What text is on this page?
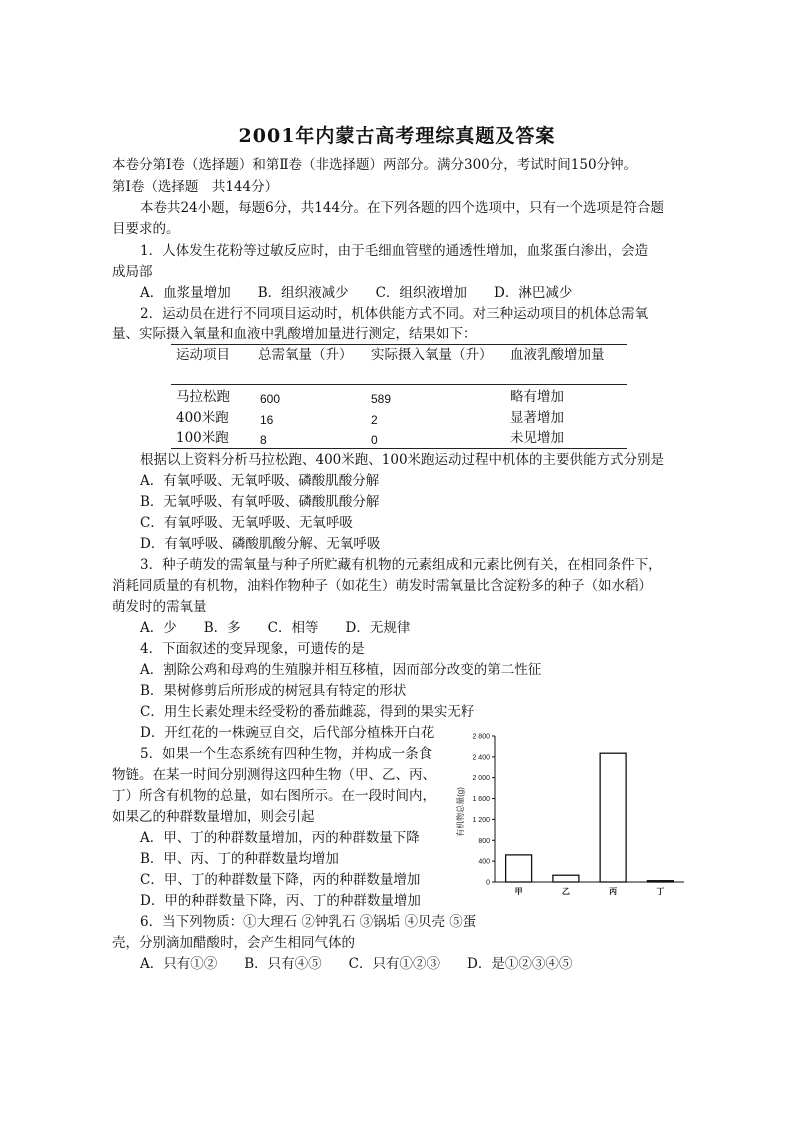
2001年内蒙古高考理综真题及答案
本卷分第Ⅰ卷（选择题）和第Ⅱ卷（非选择题）两部分。满分300分，考试时间150分钟。
第Ⅰ卷（选择题　共144分）
本卷共24小题，每题6分，共144分。在下列各题的四个选项中，只有一个选项是符合题
目要求的。
1．人体发生花粉等过敏反应时，由于毛细血管壁的通透性增加，血浆蛋白渗出，会造
成局部
A．血浆量增加　　B．组织液减少　　C．组织液增加　　D．淋巴减少
2．运动员在进行不同项目运动时，机体供能方式不同。对三种运动项目的机体总需氧
量、实际摄入氧量和血液中乳酸增加量进行测定，结果如下：
运动项目 总需氧量（升） 实际摄入氧量（升） 血液乳酸增加量
马拉松跑	600	589	略有增加
400米跑	16	2	显著增加
100米跑	8	0	未见增加
根据以上资料分析马拉松跑、400米跑、100米跑运动过程中机体的主要供能方式分别是
A．有氧呼吸、无氧呼吸、磷酸肌酸分解
B．无氧呼吸、有氧呼吸、磷酸肌酸分解
C．有氧呼吸、无氧呼吸、无氧呼吸
D．有氧呼吸、磷酸肌酸分解、无氧呼吸
3．种子萌发的需氧量与种子所贮藏有机物的元素组成和元素比例有关，在相同条件下，
消耗同质量的有机物，油料作物种子（如花生）萌发时需氧量比含淀粉多的种子（如水稻）
萌发时的需氧量
A．少　　B．多　　C．相等　　D．无规律
4．下面叙述的变异现象，可遗传的是
A．割除公鸡和母鸡的生殖腺并相互移植，因而部分改变的第二性征
B．果树修剪后所形成的树冠具有特定的形状
C．用生长素处理未经受粉的番茄雌蕊，得到的果实无籽
D．开红花的一株豌豆自交，后代部分植株开白花
5．如果一个生态系统有四种生物，并构成一条食
物链。在某一时间分别测得这四种生物（甲、乙、丙、
丁）所含有机物的总量，如右图所示。在一段时间内，
如果乙的种群数量增加，则会引起
A．甲、丁的种群数量增加，丙的种群数量下降
B．甲、丙、丁的种群数量均增加
C．甲、丁的种群数量下降，丙的种群数量增加
D．甲的种群数量下降，丙、丁的种群数量增加
有机物总量(g)
0
400
800
1 200
1 600
2 000
2 400
2 800
甲	乙	丙	丁
6．当下列物质：①大理石 ②钟乳石 ③锅垢 ④贝壳 ⑤蛋
壳，分别滴加醋酸时，会产生相同气体的
A．只有①②　　B．只有④⑤　　C．只有①②③　　D．是①②③④⑤
